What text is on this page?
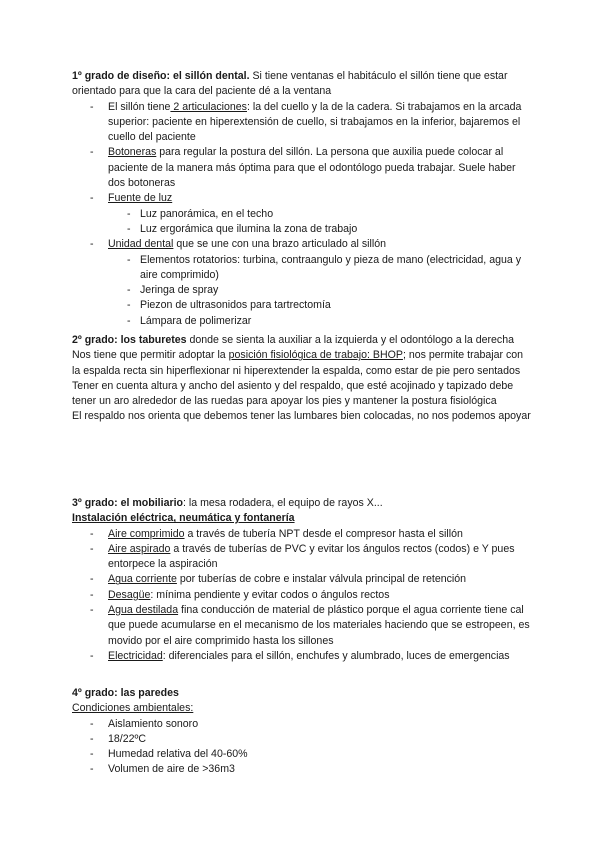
1º grado de diseño: el sillón dental. Si tiene ventanas el habitáculo el sillón tiene que estar orientado para que la cara del paciente dé a la ventana

- El sillón tiene 2 articulaciones: la del cuello y la de la cadera. Si trabajamos en la arcada superior: paciente en hiperextensión de cuello, si trabajamos en la inferior, bajaremos el cuello del paciente
- Botoneras para regular la postura del sillón. La persona que auxilia puede colocar al paciente de la manera más óptima para que el odontólogo pueda trabajar. Suele haber dos botoneras
- Fuente de luz
- Luz panorámica, en el techo
- Luz ergorámica que ilumina la zona de trabajo
- Unidad dental que se une con una brazo articulado al sillón
- Elementos rotatorios: turbina, contraangulo y pieza de mano (electricidad, agua y aire comprimido)
- Jeringa de spray
- Piezon de ultrasonidos para tartrectomía
- Lámpara de polimerizar

2º grado: los taburetes donde se sienta la auxiliar a la izquierda y el odontólogo a la derecha

Nos tiene que permitir adoptar la posición fisiológica de trabajo: BHOP; nos permite trabajar con la espalda recta sin hiperflexionar ni hiperextender la espalda, como estar de pie pero sentados

Tener en cuenta altura y ancho del asiento y del respaldo, que esté acojinado y tapizado debe tener un aro alrededor de las ruedas para apoyar los pies y mantener la postura fisiológica

El respaldo nos orienta que debemos tener las lumbares bien colocadas, no nos podemos apoyar

3º grado: el mobiliario: la mesa rodadera, el equipo de rayos X...

Instalación eléctrica, neumática y fontanería

- Aire comprimido a través de tubería NPT desde el compresor hasta el sillón
- Aire aspirado a través de tuberías de PVC y evitar los ángulos rectos (codos) e Y pues entorpece la aspiración
- Agua corriente por tuberías de cobre e instalar válvula principal de retención
- Desagüe: mínima pendiente y evitar codos o ángulos rectos
- Agua destilada fina conducción de material de plástico porque el agua corriente tiene cal que puede acumularse en el mecanismo de los materiales haciendo que se estropeen, es movido por el aire comprimido hasta los sillones
- Electricidad: diferenciales para el sillón, enchufes y alumbrado, luces de emergencias

4º grado: las paredes

Condiciones ambientales:

- Aislamiento sonoro
- 18/22ºC
- Humedad relativa del 40-60%
- Volumen de aire de >36m3
